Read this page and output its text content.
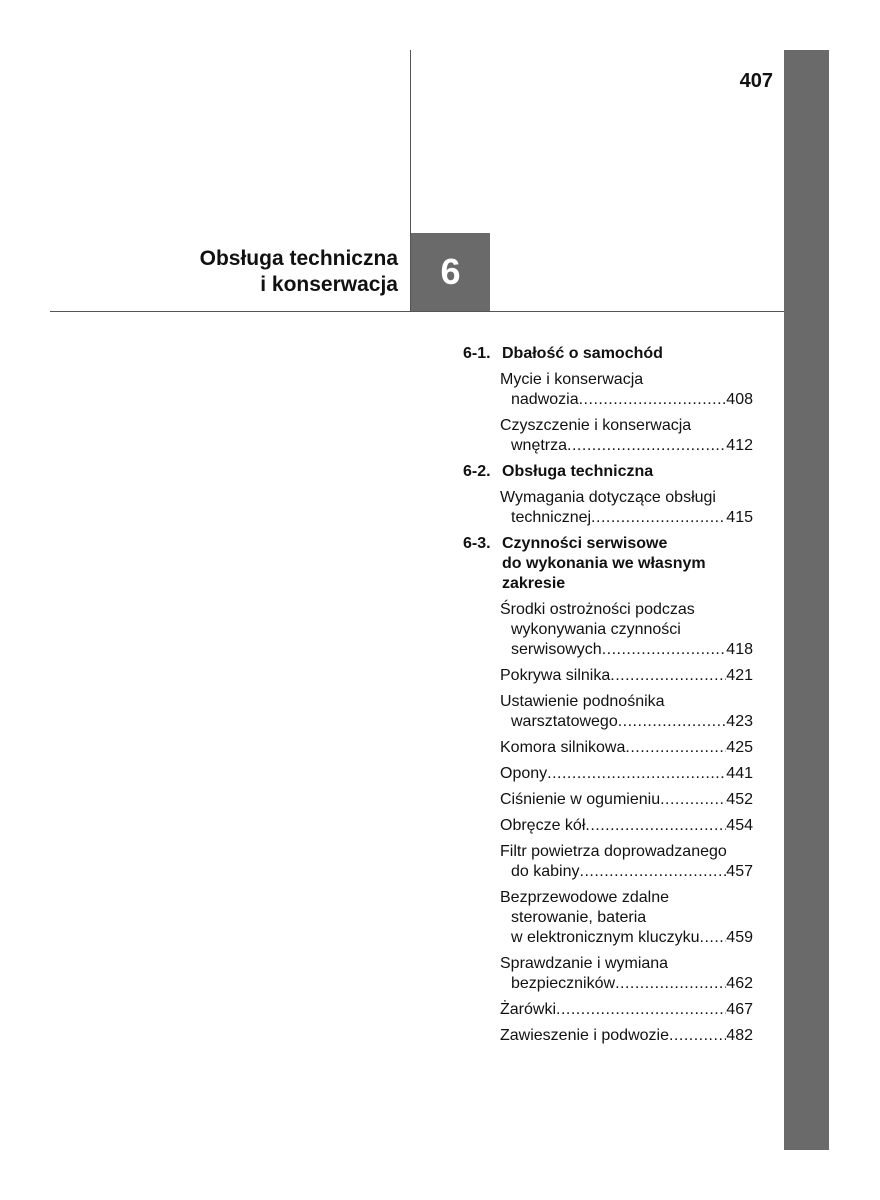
407
Obsługa techniczna
i konserwacja 6
6-1. Dbałość o samochód
Mycie i konserwacja
nadwozia .....	408
Czyszczenie i konserwacja
wnętrza .....	412
6-2. Obsługa techniczna
Wymagania dotyczące obsługi
technicznej .....	415
6-3. Czynności serwisowe
do wykonania we własnym
zakresie
Środki ostrożności podczas
wykonywania czynności
serwisowych .....	418
Pokrywa silnika .....	421
Ustawienie podnośnika
warsztatowego .....	423
Komora silnikowa .....	425
Opony .....	441
Ciśnienie w ogumieniu .....	452
Obręcze kół .....	454
Filtr powietrza doprowadzanego
do kabiny .....	457
Bezprzewodowe zdalne
sterowanie, bateria
w elektronicznym kluczyku ..... 459
Sprawdzanie i wymiana
bezpieczników .....	462
Żarówki .....	467
Zawieszenie i podwozie .....	482
